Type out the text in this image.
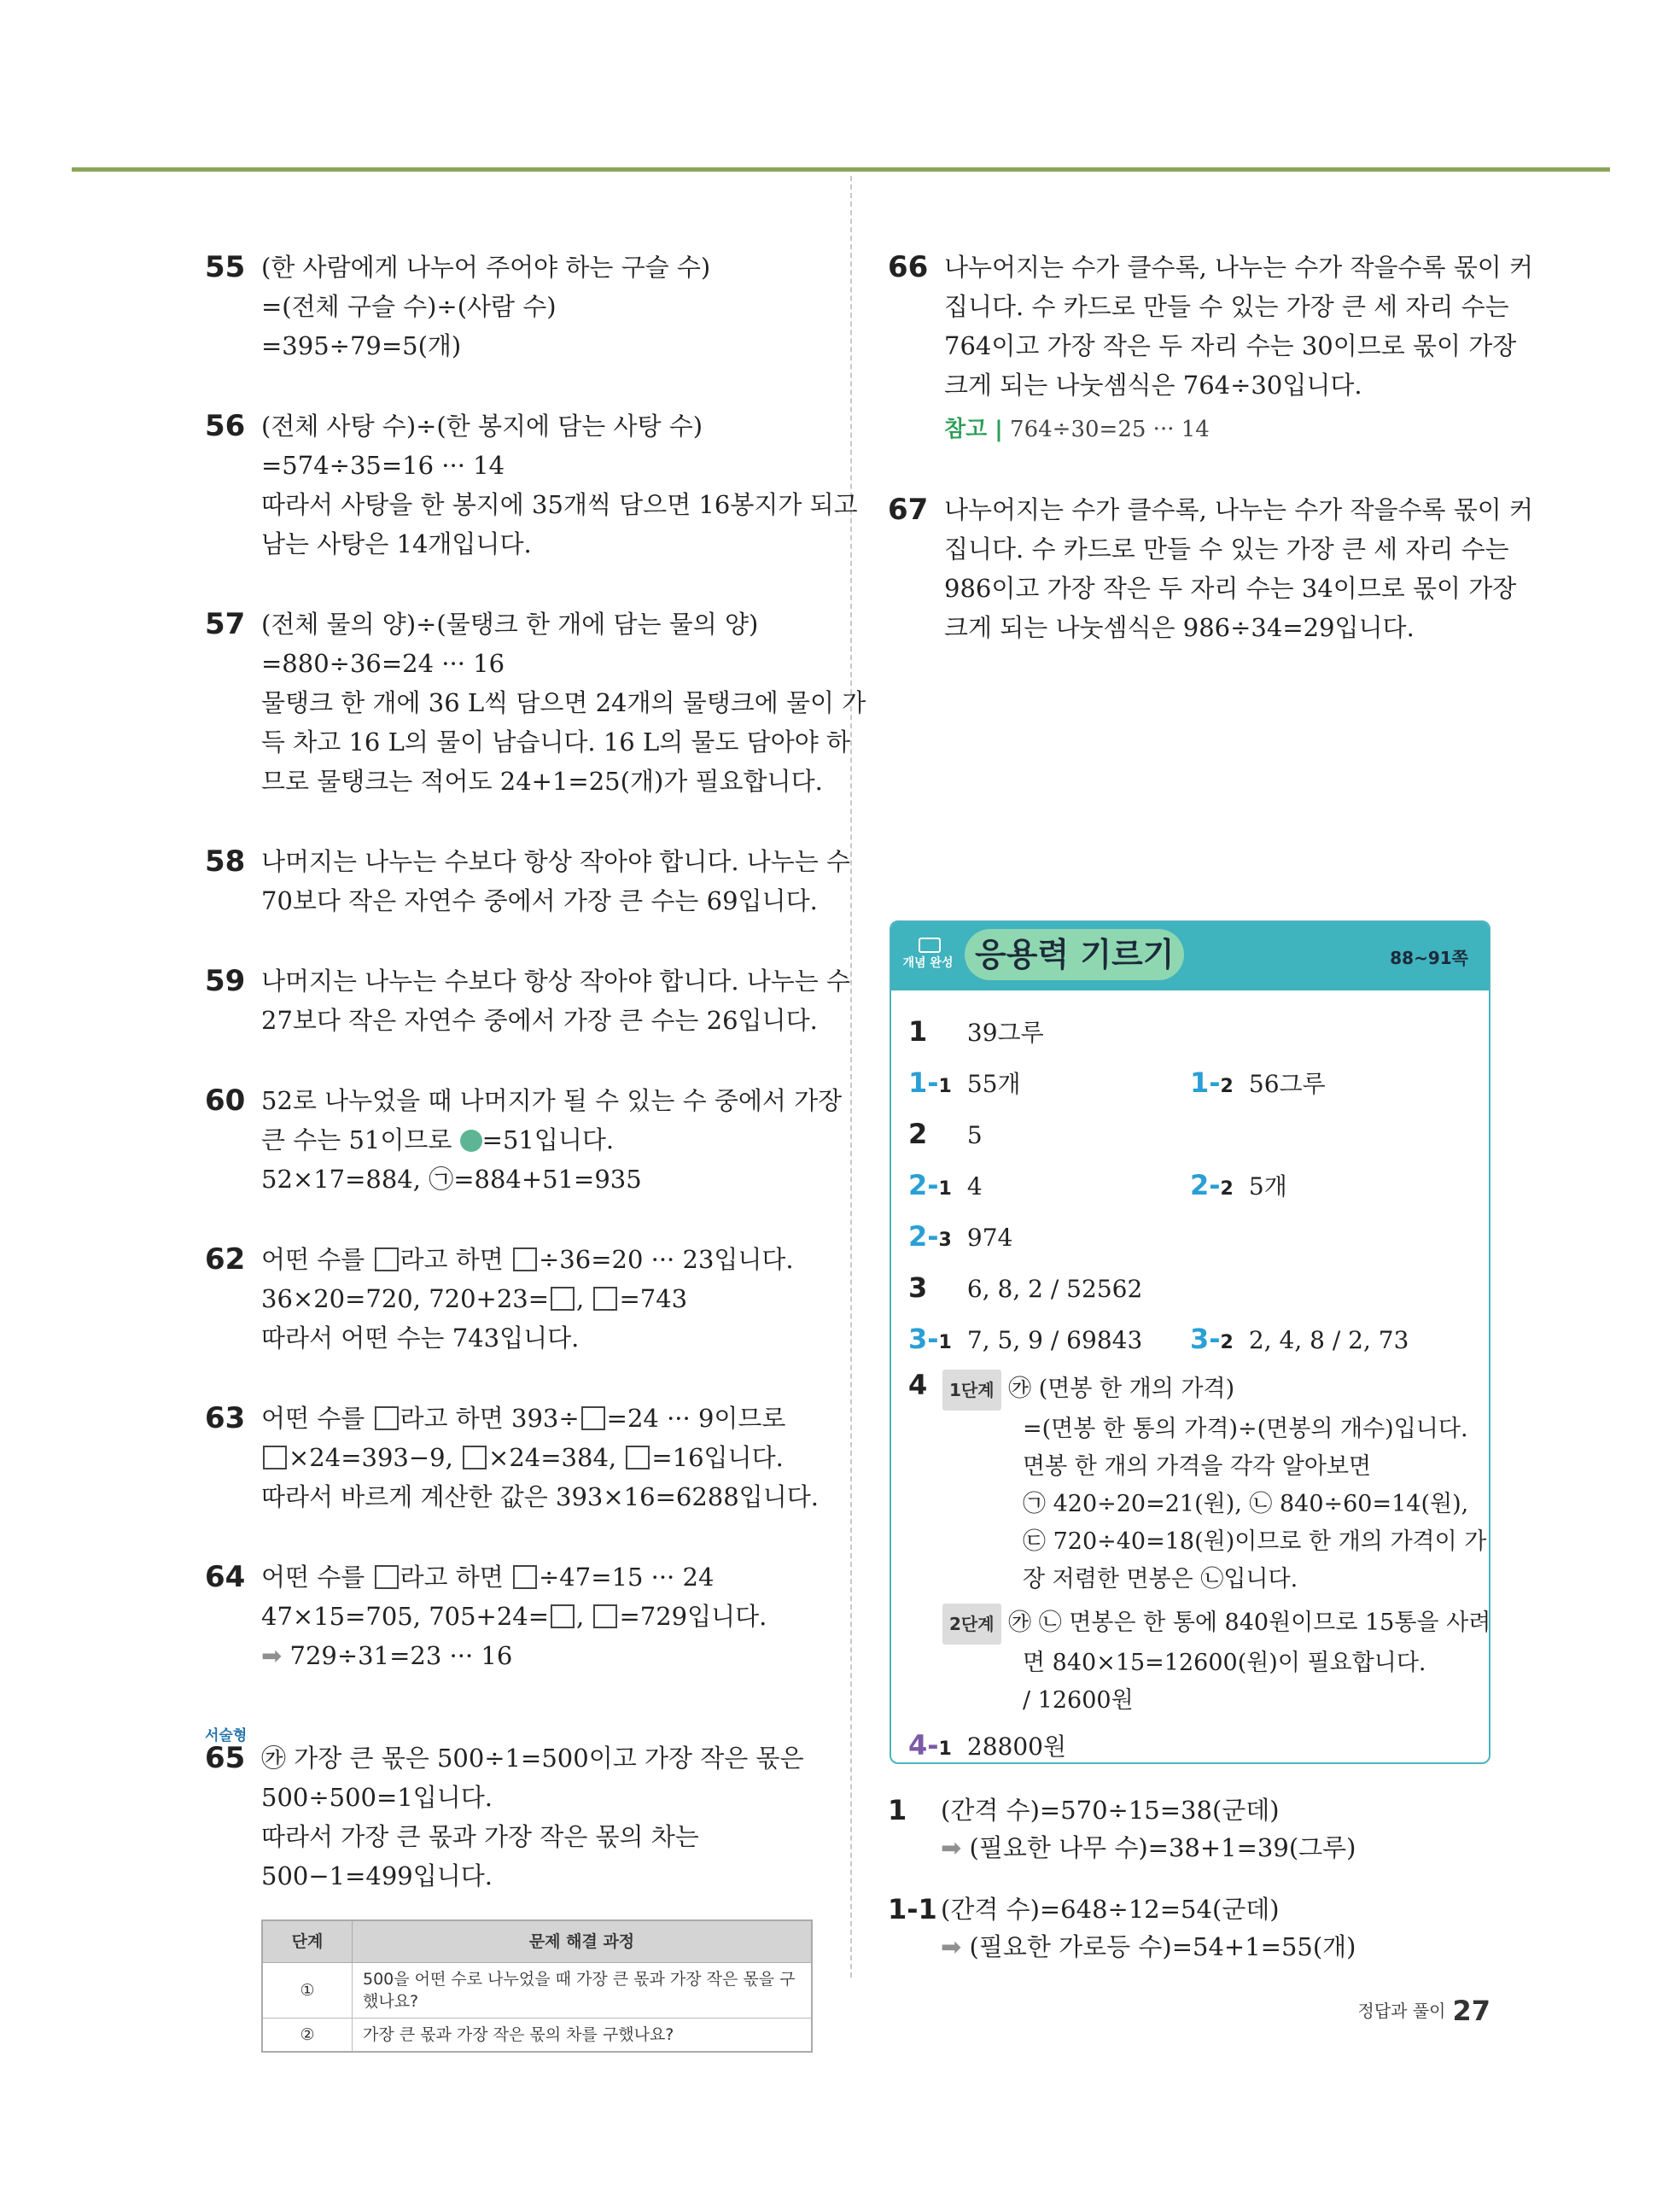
55 (한 사람에게 나누어 주어야 하는 구슬 수)
=(전체 구슬 수)÷(사람 수)
=395÷79=5(개)
56 (전체 사탕 수)÷(한 봉지에 담는 사탕 수)
=574÷35=16 ··· 14
따라서 사탕을 한 봉지에 35개씩 담으면 16봉지가 되고
남는 사탕은 14개입니다.
57 (전체 물의 양)÷(물탱크 한 개에 담는 물의 양)
=880÷36=24 ··· 16
물탱크 한 개에 36 L씩 담으면 24개의 물탱크에 물이 가
득 차고 16 L의 물이 남습니다. 16 L의 물도 담아야 하
므로 물탱크는 적어도 24+1=25(개)가 필요합니다.
58 나머지는 나누는 수보다 항상 작아야 합니다. 나누는 수
70보다 작은 자연수 중에서 가장 큰 수는 69입니다.
59 나머지는 나누는 수보다 항상 작아야 합니다. 나누는 수
27보다 작은 자연수 중에서 가장 큰 수는 26입니다.
60 52로 나누었을 때 나머지가 될 수 있는 수 중에서 가장
큰 수는 51이므로 =51입니다.
52×17=884, ㉠=884+51=935
62 어떤 수를 라고 하면 ÷36=20 ··· 23입니다.
36×20=720, 720+23= , =743
따라서 어떤 수는 743입니다.
63 어떤 수를 라고 하면 393÷ =24 ··· 9이므로
×24=393−9, ×24=384, =16입니다.
따라서 바르게 계산한 값은 393×16=6288입니다.
64 어떤 수를 라고 하면 ÷47=15 ··· 24
47×15=705, 705+24= , =729입니다.
➡ 729÷31=23 ··· 16
서술형
65 ㉮ 가장 큰 몫은 500÷1=500이고 가장 작은 몫은
500÷500=1입니다.
따라서 가장 큰 몫과 가장 작은 몫의 차는
500−1=499입니다.
단계	문제 해결 과정
①	500을 어떤 수로 나누었을 때 가장 큰 몫과 가장 작은 몫을 구했나요?
②	가장 큰 몫과 가장 작은 몫의 차를 구했나요?
66 나누어지는 수가 클수록, 나누는 수가 작을수록 몫이 커
집니다. 수 카드로 만들 수 있는 가장 큰 세 자리 수는
764이고 가장 작은 두 자리 수는 30이므로 몫이 가장
크게 되는 나눗셈식은 764÷30입니다.
참고 | 764÷30=25 ··· 14
67 나누어지는 수가 클수록, 나누는 수가 작을수록 몫이 커
집니다. 수 카드로 만들 수 있는 가장 큰 세 자리 수는
986이고 가장 작은 두 자리 수는 34이므로 몫이 가장
크게 되는 나눗셈식은 986÷34=29입니다.
개념 완성 응용력 기르기	88~91쪽
1 39그루
1-1 55개	1-2 56그루
2 5
2-1 4	2-2 5개
2-3 974
3 6, 8, 2 / 52562
3-1 7, 5, 9 / 69843 3-2 2, 4, 8 / 2, 73
4	1단계 ㉮ (면봉 한 개의 가격)
=(면봉 한 통의 가격)÷(면봉의 개수)입니다.
면봉 한 개의 가격을 각각 알아보면
㉠ 420÷20=21(원), ㉡ 840÷60=14(원),
㉢ 720÷40=18(원)이므로 한 개의 가격이 가
장 저렴한 면봉은 ㉡입니다.
2단계 ㉮ ㉡ 면봉은 한 통에 840원이므로 15통을 사려
면 840×15=12600(원)이 필요합니다.
/ 12600원
4-1 28800원
1 (간격 수)=570÷15=38(군데)
➡ (필요한 나무 수)=38+1=39(그루)
1-1 (간격 수)=648÷12=54(군데)
➡ (필요한 가로등 수)=54+1=55(개)
정답과 풀이 27
